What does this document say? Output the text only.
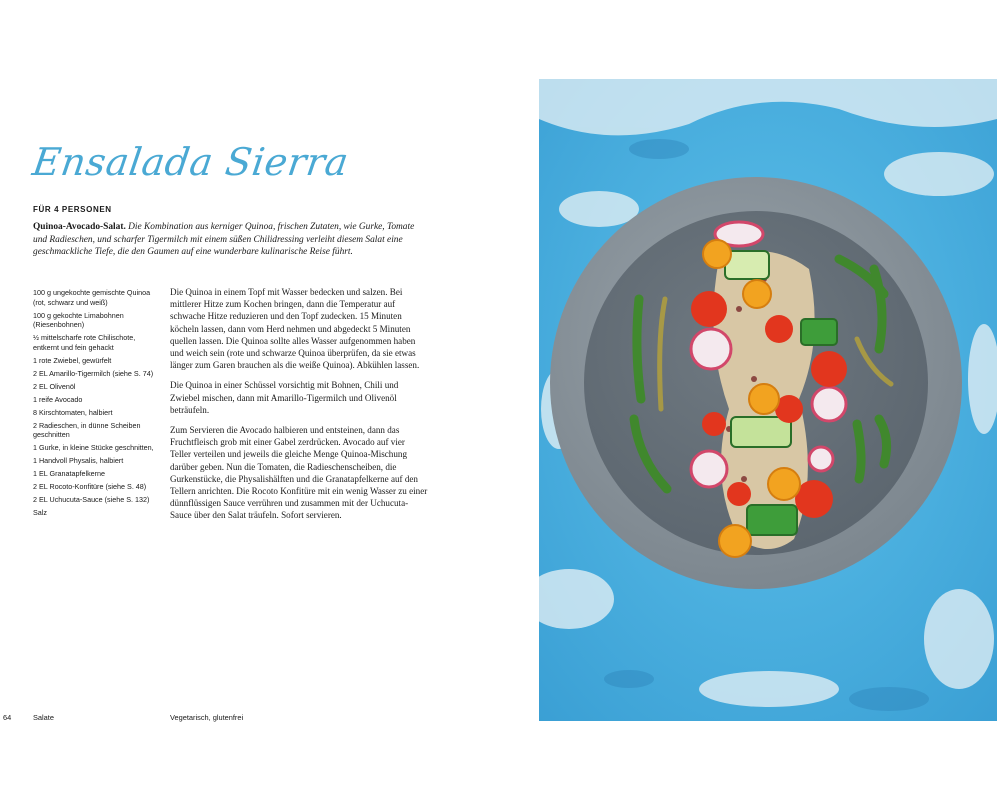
Ensalada Sierra

FÜR 4 PERSONEN

Quinoa-Avocado-Salat. Die Kombination aus kerniger Quinoa, frischen Zutaten, wie Gurke, Tomate und Radieschen, und scharfer Tigermilch mit einem süßen Chilidressing verleiht diesem Salat eine geschmackliche Tiefe, die den Gaumen auf eine wunderbare kulinarische Reise führt.

100 g ungekochte gemischte Quinoa (rot, schwarz und weiß)
100 g gekochte Limabohnen (Riesenbohnen)
½ mittelscharfe rote Chilischote, entkernt und fein gehackt
1 rote Zwiebel, gewürfelt
2 EL Amarillo-Tigermilch (siehe S. 74)
2 EL Olivenöl
1 reife Avocado
8 Kirschtomaten, halbiert
2 Radieschen, in dünne Scheiben geschnitten
1 Gurke, in kleine Stücke geschnitten,
1 Handvoll Physalis, halbiert
1 EL Granatapfelkerne
2 EL Rocoto-Konfitüre (siehe S. 48)
2 EL Uchucuta-Sauce (siehe S. 132)
Salz

Die Quinoa in einem Topf mit Wasser bedecken und salzen. Bei mittlerer Hitze zum Kochen bringen, dann die Temperatur auf schwache Hitze reduzieren und den Topf zudecken. 15 Minuten köcheln lassen, dann vom Herd nehmen und abgedeckt 5 Minuten quellen lassen. Die Quinoa sollte alles Wasser aufgenommen haben und weich sein (rote und schwarze Quinoa überprüfen, da sie etwas länger zum Garen brauchen als die weiße Quinoa). Abkühlen lassen.

Die Quinoa in einer Schüssel vorsichtig mit Bohnen, Chili und Zwiebel mischen, dann mit Amarillo-Tigermilch und Olivenöl beträufeln.

Zum Servieren die Avocado halbieren und entsteinen, dann das Fruchtfleisch grob mit einer Gabel zerdrücken. Avocado auf vier Teller verteilen und jeweils die gleiche Menge Quinoa-Mischung darüber geben. Nun die Tomaten, die Radieschenscheiben, die Gurkenstücke, die Physalishälften und die Granatapfelkerne auf den Tellern anrichten. Die Rocoto Konfitüre mit ein wenig Wasser zu einer dünnflüssigen Sauce verrühren und zusammen mit der Uchucuta-Sauce über den Salat träufeln. Sofort servieren.

64	Salate	Vegetarisch, glutenfrei
